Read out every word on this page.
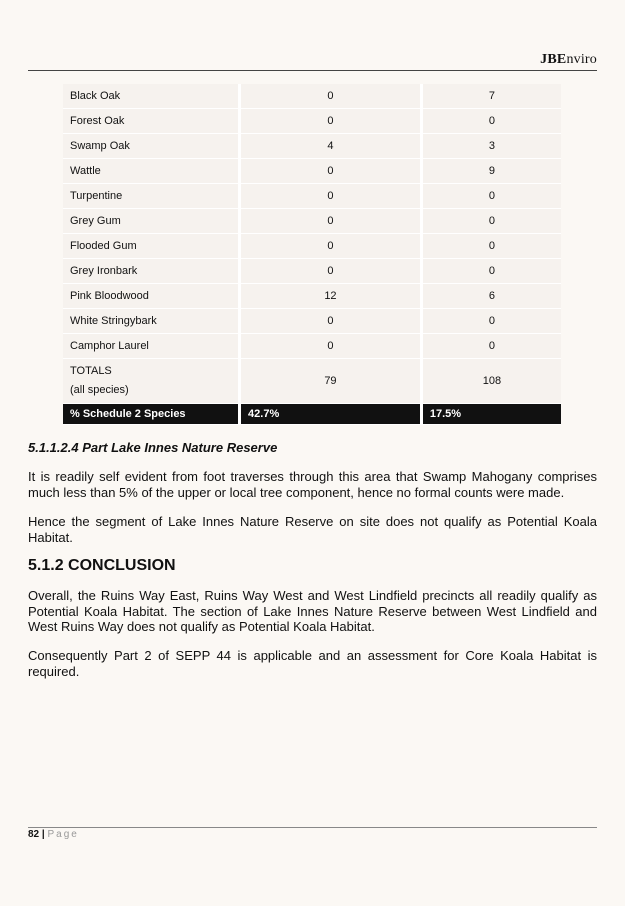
JBEnviro
Black Oak	0	7
Forest Oak	0	0
Swamp Oak	4	3
Wattle	0	9
Turpentine	0	0
Grey Gum	0	0
Flooded Gum	0	0
Grey Ironbark	0	0
Pink Bloodwood	12	6
White Stringybark	0	0
Camphor Laurel	0	0
TOTALS
(all species)	79	108
% Schedule 2 Species	42.7%	17.5%
5.1.1.2.4 Part Lake Innes Nature Reserve

It is readily self evident from foot traverses through this area that Swamp Mahogany comprises much less than 5% of the upper or local tree component, hence no formal counts were made.

Hence the segment of Lake Innes Nature Reserve on site does not qualify as Potential Koala Habitat.

5.1.2 CONCLUSION

Overall, the Ruins Way East, Ruins Way West and West Lindfield precincts all readily qualify as Potential Koala Habitat. The section of Lake Innes Nature Reserve between West Lindfield and West Ruins Way does not qualify as Potential Koala Habitat.

Consequently Part 2 of SEPP 44 is applicable and an assessment for Core Koala Habitat is required.

82 | Page
